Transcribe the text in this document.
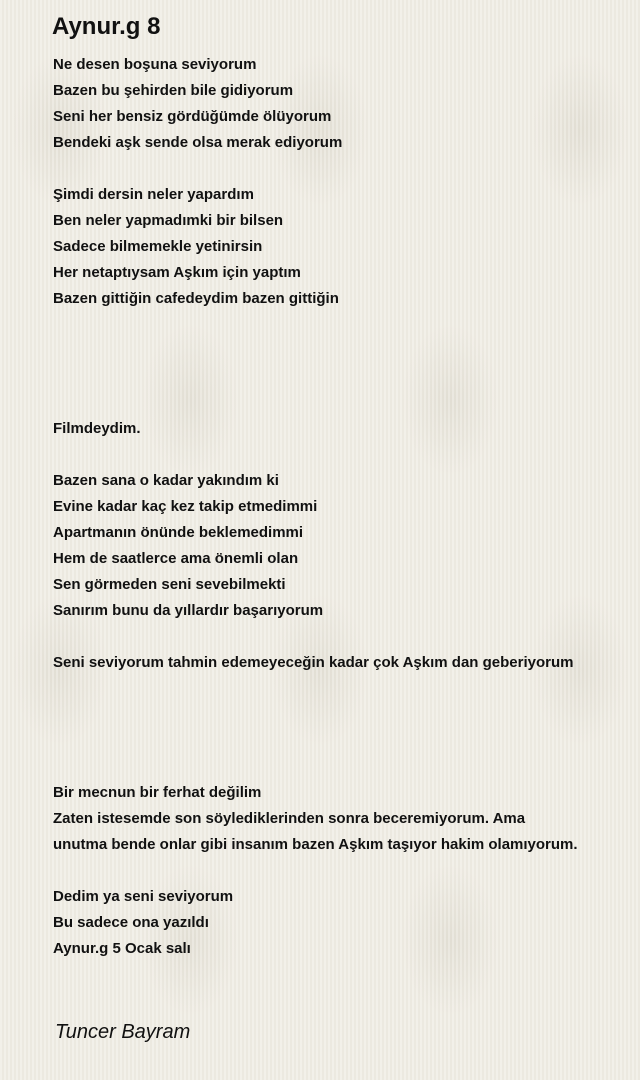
Aynur.g 8
Ne desen boşuna seviyorum
Bazen bu şehirden bile gidiyorum
Seni her bensiz gördüğümde ölüyorum
Bendeki aşk sende olsa merak ediyorum
Şimdi dersin neler yapardım
Ben neler yapmadımki bir bilsen
Sadece bilmemekle yetinirsin
Her netaptıysam Aşkım için yaptım
Bazen gittiğin cafedeydim bazen gittiğin
Filmdeydim.
Bazen sana o kadar yakındım ki
Evine kadar kaç kez takip etmedimmi
Apartmanın önünde beklemedimmi
Hem de saatlerce ama önemli olan
Sen görmeden seni sevebilmekti
Sanırım bunu da yıllardır başarıyorum
Seni seviyorum tahmin edemeyeceğin kadar çok Aşkım dan geberiyorum
Bir mecnun bir ferhat değilim
Zaten istesemde son söylediklerinden sonra beceremiyorum. Ama
unutma bende onlar gibi insanım bazen Aşkım taşıyor hakim olamıyorum.
Dedim ya seni seviyorum
Bu sadece ona yazıldı
Aynur.g 5 Ocak salı
Tuncer Bayram
